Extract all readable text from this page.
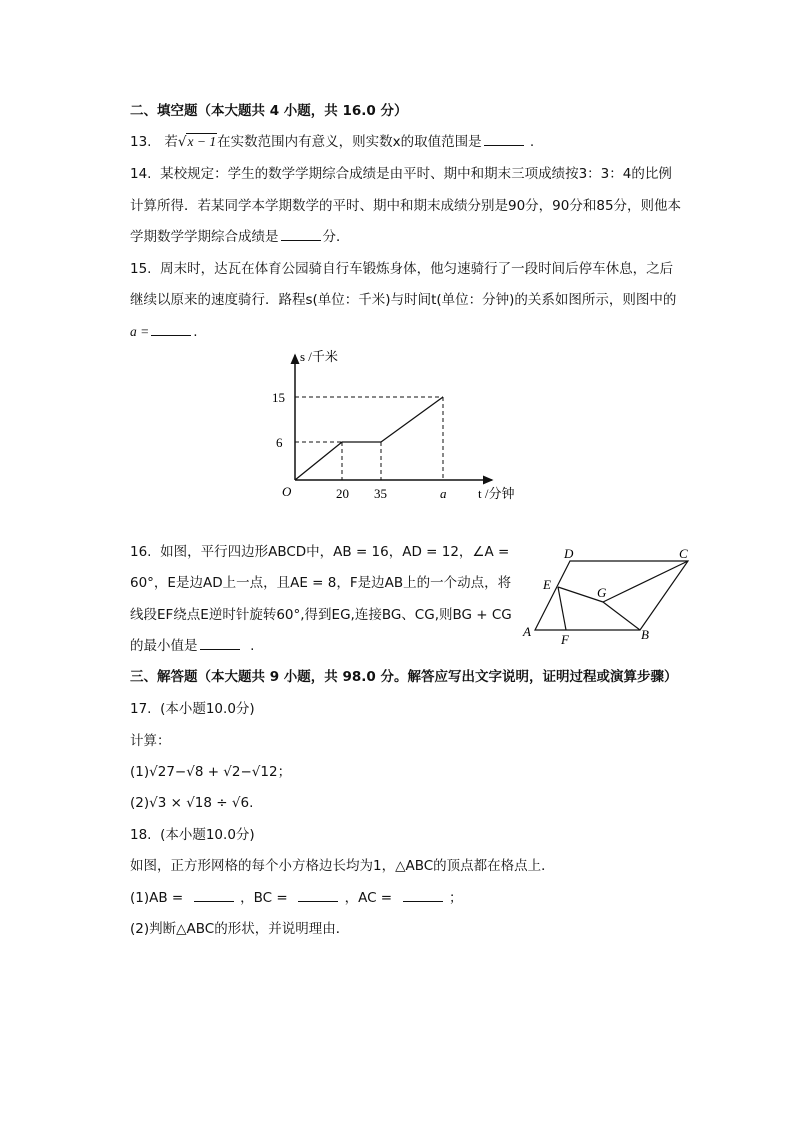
二、填空题（本大题共 4 小题，共 16.0 分）
13. 若√x − 1在实数范围内有意义，则实数x的取值范围是	.
14. 某校规定：学生的数学学期综合成绩是由平时、期中和期末三项成绩按3：3：4的比例
计算所得．若某同学本学期数学的平时、期中和期末成绩分别是90分，90分和85分，则他本
学期数学学期综合成绩是	分．
15. 周末时，达瓦在体育公园骑自行车锻炼身体，他匀速骑行了一段时间后停车休息，之后
继续以原来的速度骑行．路程s(单位：千米)与时间t(单位：分钟)的关系如图所示，则图中的
a =	.
s /千米
t /分钟
O
15
6
20 35	a
16. 如图，平行四边形ABCD中，AB = 16，AD = 12，∠A =
60°，E是边AD上一点，且AE = 8，F是边AB上的一个动点，将
线段EF绕点E逆时针旋转60°,得到EG,连接BG、CG,则BG + CG
的最小值是	.
A	B
C
D
E
F
G
三、解答题（本大题共 9 小题，共 98.0 分。解答应写出文字说明，证明过程或演算步骤）
17. (本小题10.0分)
计算：
(1)√27−√8 + √2−√12；
(2)√3 × √18 ÷ √6.
18. (本小题10.0分)
如图，正方形网格的每个小方格边长均为1，△ABC的顶点都在格点上．
(1)AB =	，BC =	，AC =	；
(2)判断△ABC的形状，并说明理由．
